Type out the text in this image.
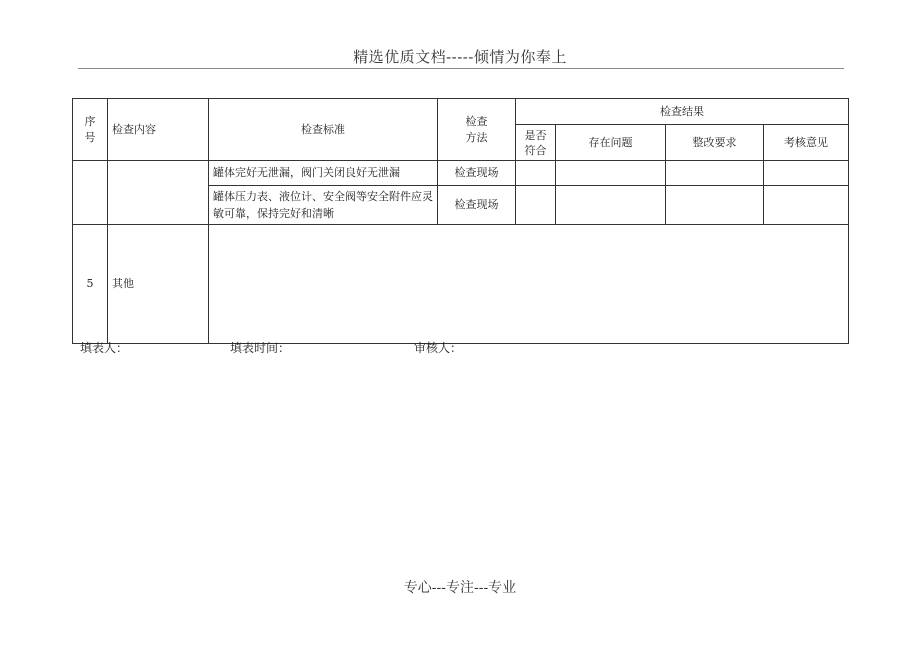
精选优质文档-----倾情为你奉上
序号	检查内容	检查标准	检查方法	检查结果			

				是否符合	存在问题	整改要求	考核意见
		罐体完好无泄漏，阀门关闭良好无泄漏	检查现场				
		罐体压力表、液位计、安全阀等安全附件应灵敏可靠，保持完好和清晰	检查现场				
5	其他						
填表人：	填表时间：	审核人：
专心---专注---专业
